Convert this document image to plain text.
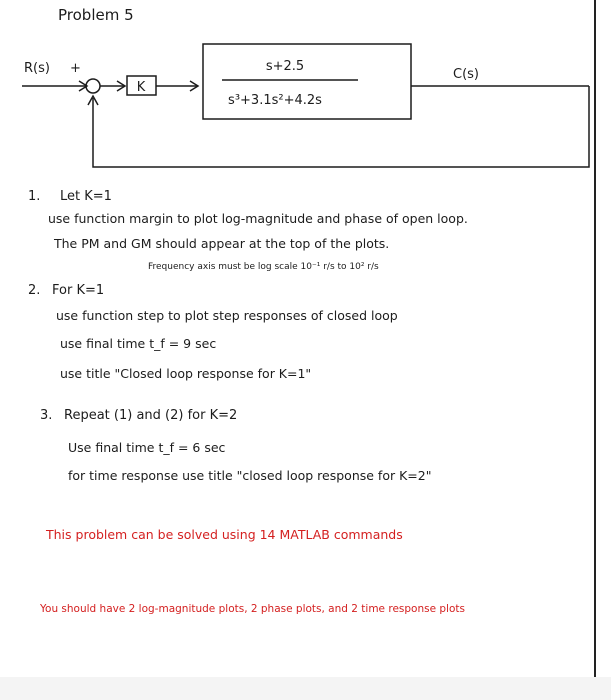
Problem 5
R(s) +
K
s+2.5
s³+3.1s²+4.2s
C(s)
1. Let K=1
use function margin to plot log-magnitude and phase of open loop.
The PM and GM should appear at the top of the plots.
Frequency axis must be log scale 10⁻¹ r/s to 10² r/s
2. For K=1
use function step to plot step responses of closed loop
use final time t_f = 9 sec
use title "Closed loop response for K=1"
3. Repeat (1) and (2) for K=2
Use final time t_f = 6 sec
for time response use title "closed loop response for K=2"
This problem can be solved using 14 MATLAB commands
You should have 2 log-magnitude plots, 2 phase plots, and 2 time response plots
